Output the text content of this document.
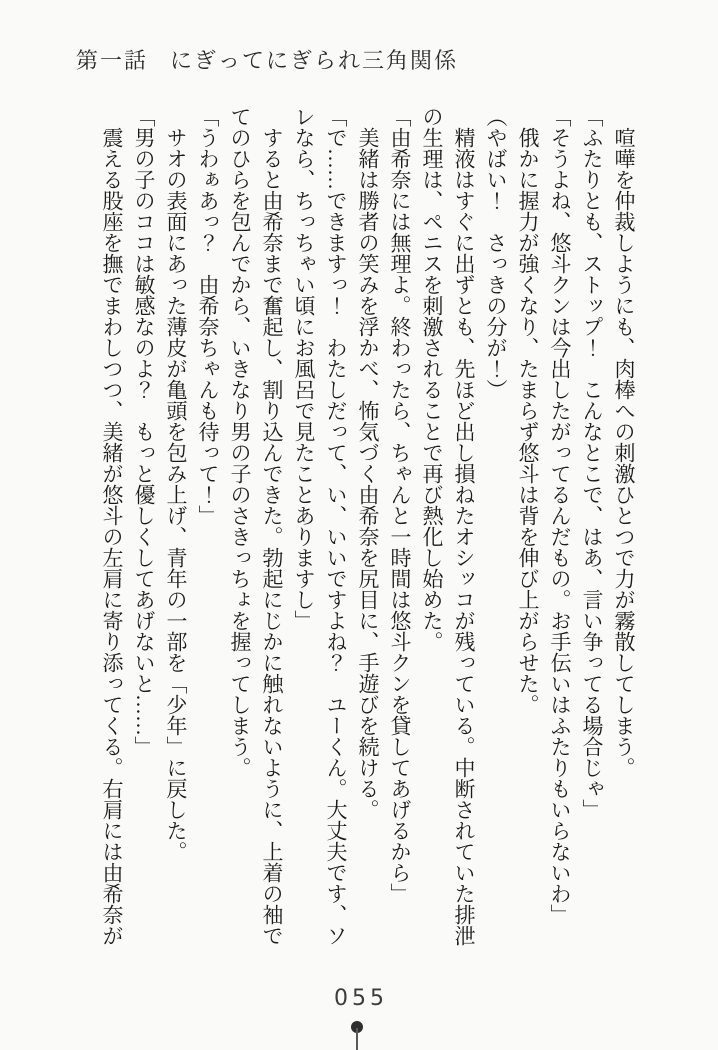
第一話 にぎってにぎられ三角関係

　喧嘩を仲裁しようにも、肉棒への刺激ひとつで力が霧散してしまう。

「ふたりとも、ストップ！　こんなとこで、はあ、言い争ってる場合じゃ」

「そうよね、悠斗クンは今出したがってるんだもの。お手伝いはふたりもいらないわ」

　俄かに握力が強くなり、たまらず悠斗は背を伸び上がらせた。

（やばい！　さっきの分が！）

　精液はすぐに出ずとも、先ほど出し損ねたオシッコが残っている。中断されていた排泄の生理は、ペニスを刺激されることで再び熱化し始めた。

「由希奈には無理よ。終わったら、ちゃんと一時間は悠斗クンを貸してあげるから」

　美緒は勝者の笑みを浮かべ、怖気づく由希奈を尻目に、手遊びを続ける。

「で……できますっ！　わたしだって、い、いいですよね？　ユーくん。大丈夫です、ソレなら、ちっちゃい頃にお風呂で見たことありますし」

　すると由希奈まで奮起し、割り込んできた。勃起にじかに触れないように、上着の袖でてのひらを包んでから、いきなり男の子のさきっちょを握ってしまう。

「うわぁあっ？　由希奈ちゃんも待って！」

　サオの表面にあった薄皮が亀頭を包み上げ、青年の一部を「少年」に戻した。

「男の子のココは敏感なのよ？　もっと優しくしてあげないと……」

　震える股座を撫でまわしつつ、美緒が悠斗の左肩に寄り添ってくる。右肩には由希奈が

055
